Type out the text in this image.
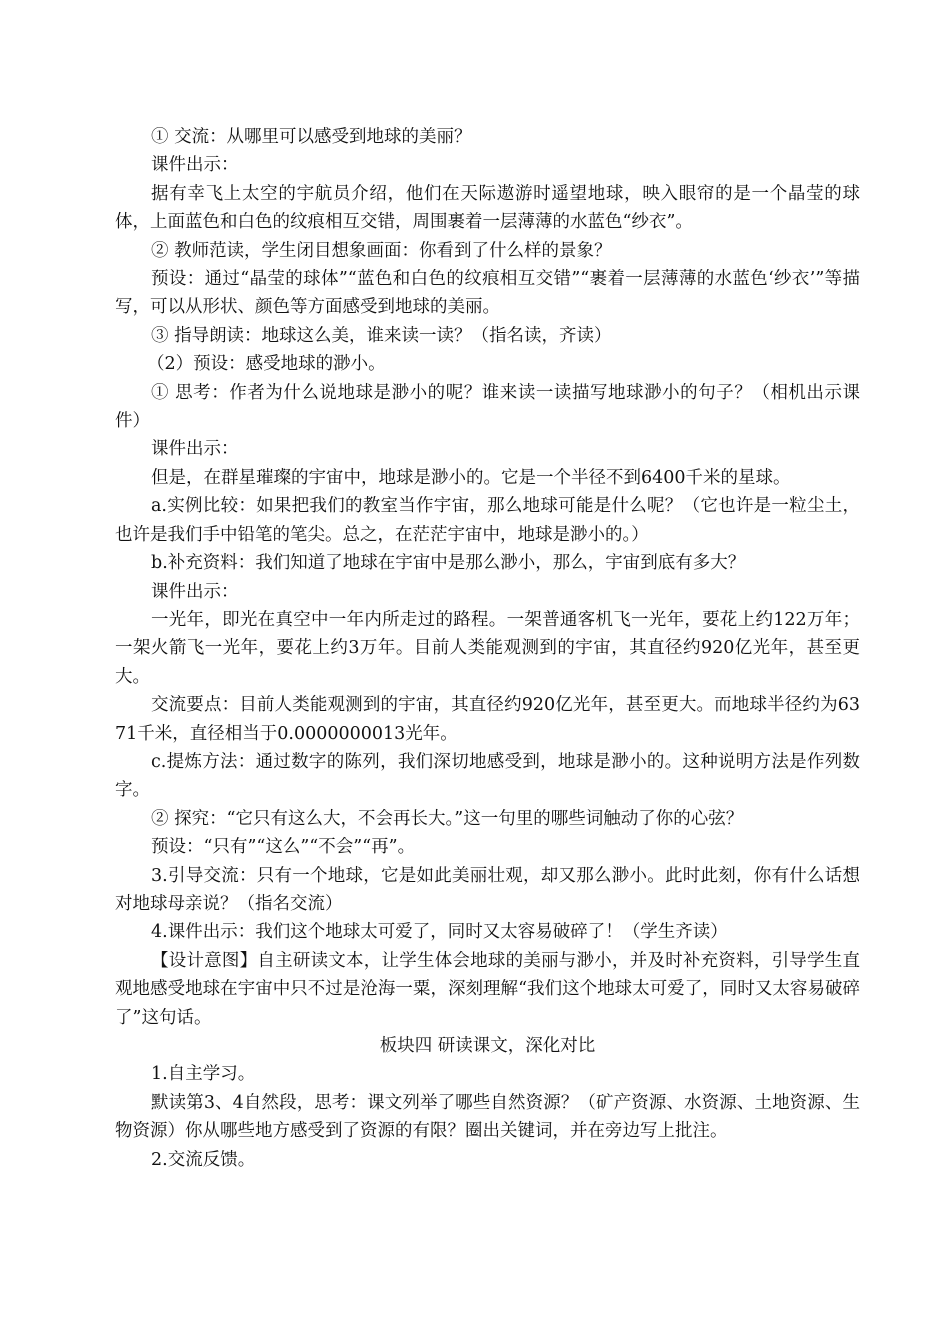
① 交流：从哪里可以感受到地球的美丽？

课件出示：

据有幸飞上太空的宇航员介绍，他们在天际遨游时遥望地球，映入眼帘的是一个晶莹的球体，上面蓝色和白色的纹痕相互交错，周围裹着一层薄薄的水蓝色“纱衣”。

② 教师范读，学生闭目想象画面：你看到了什么样的景象？

预设：通过“晶莹的球体”“蓝色和白色的纹痕相互交错”“裹着一层薄薄的水蓝色‘纱衣’”等描写，可以从形状、颜色等方面感受到地球的美丽。

③ 指导朗读：地球这么美，谁来读一读？（指名读，齐读）

（2）预设：感受地球的渺小。

① 思考：作者为什么说地球是渺小的呢？谁来读一读描写地球渺小的句子？（相机出示课件）

课件出示：

但是，在群星璀璨的宇宙中，地球是渺小的。它是一个半径不到6400千米的星球。

a.实例比较：如果把我们的教室当作宇宙，那么地球可能是什么呢？（它也许是一粒尘土，也许是我们手中铅笔的笔尖。总之，在茫茫宇宙中，地球是渺小的。）

b.补充资料：我们知道了地球在宇宙中是那么渺小，那么，宇宙到底有多大？

课件出示：

一光年，即光在真空中一年内所走过的路程。一架普通客机飞一光年，要花上约122万年；一架火箭飞一光年，要花上约3万年。目前人类能观测到的宇宙，其直径约920亿光年，甚至更大。

交流要点：目前人类能观测到的宇宙，其直径约920亿光年，甚至更大。而地球半径约为6371千米，直径相当于0.0000000013光年。

c.提炼方法：通过数字的陈列，我们深切地感受到，地球是渺小的。这种说明方法是作列数字。

② 探究：“它只有这么大，不会再长大。”这一句里的哪些词触动了你的心弦？

预设：“只有”“这么”“不会”“再”。

3.引导交流：只有一个地球，它是如此美丽壮观，却又那么渺小。此时此刻，你有什么话想对地球母亲说？（指名交流）

4.课件出示：我们这个地球太可爱了，同时又太容易破碎了！（学生齐读）

【设计意图】自主研读文本，让学生体会地球的美丽与渺小，并及时补充资料，引导学生直观地感受地球在宇宙中只不过是沧海一粟，深刻理解“我们这个地球太可爱了，同时又太容易破碎了”这句话。

板块四 研读课文，深化对比

1.自主学习。

默读第3、4自然段，思考：课文列举了哪些自然资源？（矿产资源、水资源、土地资源、生物资源）你从哪些地方感受到了资源的有限？圈出关键词，并在旁边写上批注。

2.交流反馈。
